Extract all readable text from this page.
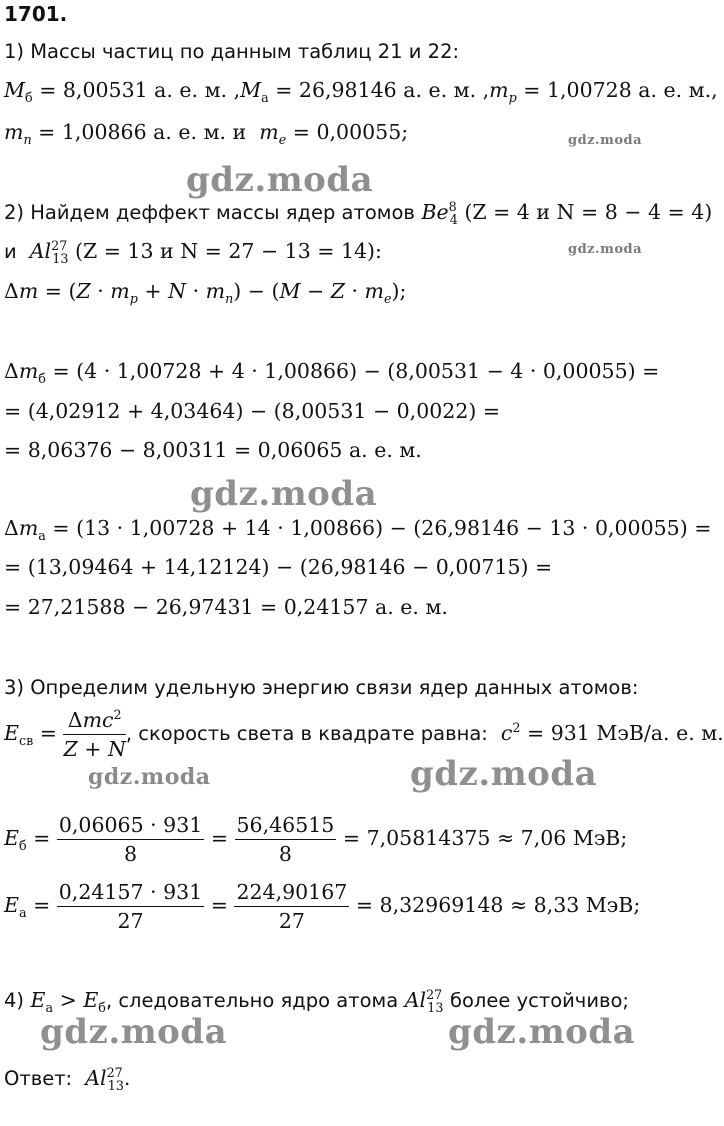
gdz.moda
gdz.moda
gdz.moda
gdz.moda
gdz.moda	gdz.moda
gdz.moda	gdz.moda
1701.
1) Массы частиц по данным таблиц 21 и 22:
$M_б = 8,00531$ а. е. м. $,M_а = 26,98146$ а. е. м. $,m_p = 1,00728$ а. е. м.,
$m_n = 1,00866$ а. е. м. и $m_e = 0,00055$;
2) Найдем деффект массы ядер атомов $Be^8_4$ (Z = 4 и N = 8 − 4 = 4)
и $Al^{27}_{13}$ (Z = 13 и N = 27 − 13 = 14):
$\Delta m = (Z \cdot m_p + N \cdot m_n) - (M - Z \cdot m_e)$;
$\Delta m_б = (4 \cdot 1,00728 + 4 \cdot 1,00866) - (8,00531 - 4 \cdot 0,00055)$ =
= (4,02912 + 4,03464) − (8,00531 − 0,0022) =
= 8,06376 − 8,00311 = 0,06065 а. е. м.
$\Delta m_а = (13 \cdot 1,00728 + 14 \cdot 1,00866) - (26,98146 - 13 \cdot 0,00055)$ =
= (13,09464 + 14,12124) − (26,98146 − 0,00715) =
= 27,21588 − 26,97431 = 0,24157 а. е. м.
3) Определим удельную энергию связи ядер данных атомов:
$E_{св} = \frac{\Delta mc^2}{Z + N}$ , скорость света в квадрате равна: $c^2 = 931$ МэВ/а. е. м.
$E_б = \frac{0,06065 \cdot 931}{8} = \frac{56,46515}{8} = 7,05814375 \approx 7,06$ МэВ;
$E_а = \frac{0,24157 \cdot 931}{27} = \frac{224,90167}{27} = 8,32969148 \approx 8,33$ МэВ;
4) $E_а > E_б$, следовательно ядро атома $Al^{27}_{13}$ более устойчиво;
Ответ: $Al^{27}_{13}$.
